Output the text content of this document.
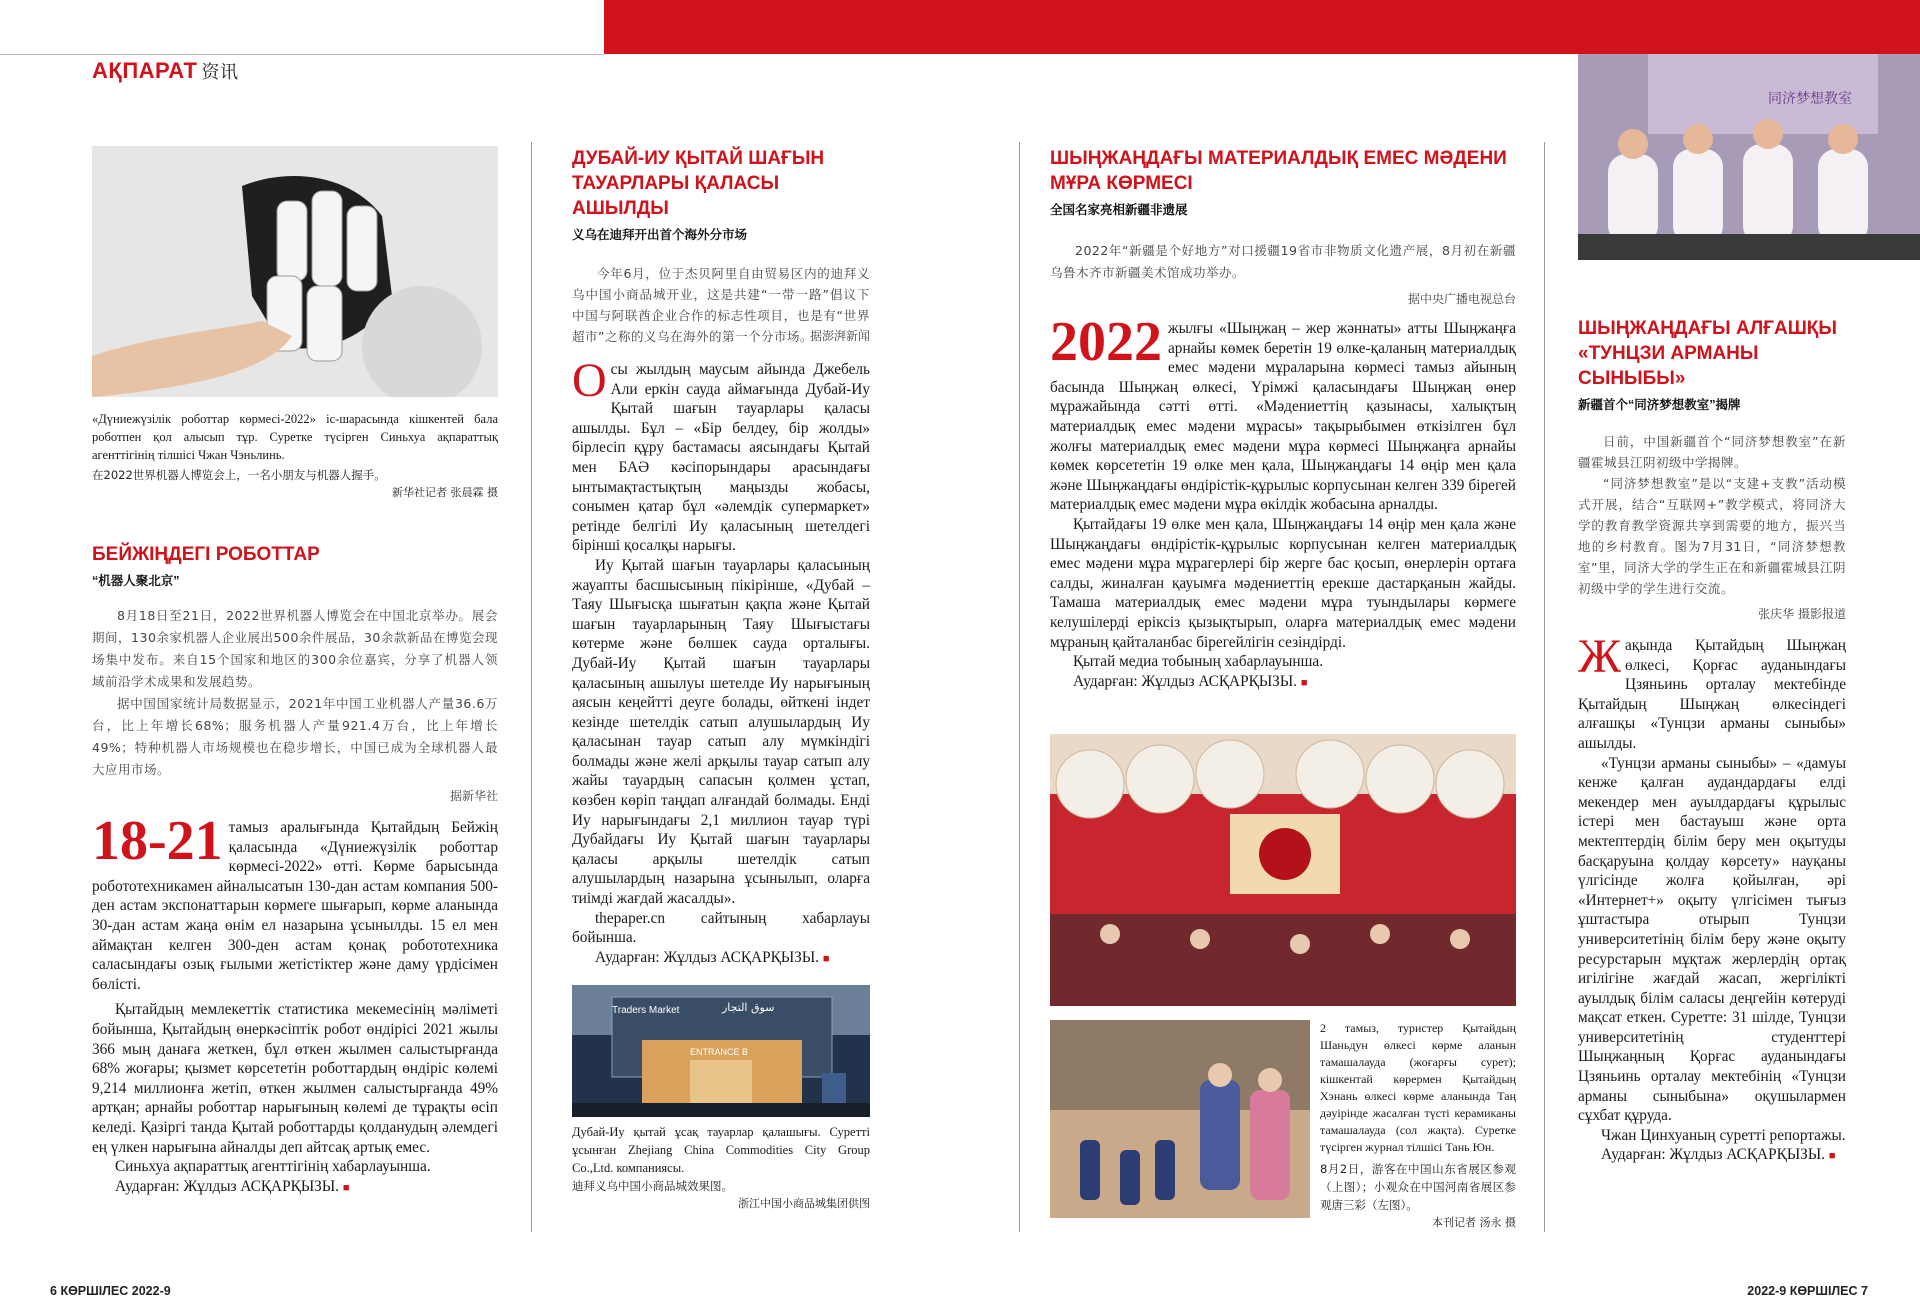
АҚПАРАТ 资讯
«Дүниежүзілік роботтар көрмесі-2022» іс-шарасында кішкентей бала роботпен қол алысып тұр. Суретке түсірген Синьхуа ақпараттық агенттігінің тілшісі Чжан Чэньлинь.
在2022世界机器人博览会上，一名小朋友与机器人握手。
新华社记者 张晨霖 摄
БЕЙЖІҢДЕГІ РОБОТТАР
“机器人聚北京”
8月18日至21日，2022世界机器人博览会在中国北京举办。展会期间，130余家机器人企业展出500余件展品，30余款新品在博览会现场集中发布。来自15个国家和地区的300余位嘉宾，分享了机器人领域前沿学术成果和发展趋势。
据中国国家统计局数据显示，2021年中国工业机器人产量36.6万台，比上年增长68%；服务机器人产量921.4万台，比上年增长49%；特种机器人市场规模也在稳步增长，中国已成为全球机器人最大应用市场。
据新华社
18-21 тамыз аралығында Қытайдың Бейжің қаласында «Дүниежүзілік роботтар көрмесі-2022» өтті. Көрме барысында робототехникамен айналысатын 130-дан астам компания 500-ден астам экспонаттарын көрмеге шығарып, көрме аланында 30-дан астам жаңа өнім ел назарына ұсынылды. 15 ел мен аймақтан келген 300-ден астам қонақ робототехника саласындағы озық ғылыми жетістіктер және даму үрдісімен бөлісті.
Қытайдың мемлекеттік статистика мекемесінің мәліметі бойынша, Қытайдың өнеркәсіптік робот өндірісі 2021 жылы 366 мың данаға жеткен, бұл өткен жылмен салыстырғанда 68% жоғары; қызмет көрсететін роботтардың өндіріс көлемі 9,214 миллионға жетіп, өткен жылмен салыстырғанда 49% артқан; арнайы роботтар нарығының көлемі де тұрақты өсіп келеді. Қазіргі танда Қытай роботтарды қолданудың әлемдегі ең үлкен нарығына айналды деп айтсақ артық емес.
Синьхуа ақпараттық агенттігінің хабарлауынша.
Аударған: Жұлдыз АСҚАРҚЫЗЫ. ■
ДУБАЙ-ИУ ҚЫТАЙ ШАҒЫН ТАУАРЛАРЫ ҚАЛАСЫ АШЫЛДЫ
义乌在迪拜开出首个海外分市场
今年6月，位于杰贝阿里自由贸易区内的迪拜义乌中国小商品城开业，这是共建“一带一路”倡议下中国与阿联酋企业合作的标志性项目，也是有“世界超市”之称的义乌在海外的第一个分市场。
据澎湃新闻
Осы жылдың маусым айында Джебель Али еркін сауда аймағында Дубай-Иу Қытай шағын тауарлары қаласы ашылды. Бұл – «Бір белдеу, бір жолды» бірлесіп құру бастамасы аясындағы Қытай мен БАӘ кәсіпорындары арасындағы ынтымақтастықтың маңызды жобасы, сонымен қатар бұл «әлемдік супермаркет» ретінде белгілі Иу қаласының шетелдегі бірінші қосалқы нарығы.
Иу Қытай шағын тауарлары қаласының жауапты басшысының пікірінше, «Дубай – Таяу Шығысқа шығатын қақпа және Қытай шағын тауарларының Таяу Шығыстағы көтерме және бөлшек сауда орталығы. Дубай-Иу Қытай шағын тауарлары қаласының ашылуы шетелде Иу нарығының аясын кеңейтті деуге болады, өйткені індет кезінде шетелдік сатып алушылардың Иу қаласынан тауар сатып алу мүмкіндігі болмады және желі арқылы тауар сатып алу жайы тауардың сапасын қолмен ұстап, көзбен көріп таңдап алғандай болмады. Енді Иу нарығындағы 2,1 миллион тауар түрі Дубайдағы Иу Қытай шағын тауарлары қаласы арқылы шетелдік сатып алушылардың назарына ұсынылып, оларға тиімді жағдай жасалды».
thepaper.cn сайтының хабарлауы бойынша.
Аударған: Жұлдыз АСҚАРҚЫЗЫ. ■
Traders Market	سوق التجار
ENTRANCE B
Дубай-Иу қытай ұсақ тауарлар қалашығы. Суретті ұсынған Zhejiang China Commodities City Group Co.,Ltd. компаниясы.
迪拜义乌中国小商品城效果图。
浙江中国小商品城集团供图
ШЫҢЖАҢДАҒЫ МАТЕРИАЛДЫҚ ЕМЕС МӘДЕНИ МҰРА КӨРМЕСІ
全国名家亮相新疆非遗展
2022年“新疆是个好地方”对口援疆19省市非物质文化遗产展，8月初在新疆乌鲁木齐市新疆美术馆成功举办。
据中央广播电视总台
2022 жылғы «Шыңжаң – жер жәннаты» атты Шыңжаңға арнайы көмек беретін 19 өлке-қаланың материалдық емес мәдени мұраларына көрмесі тамыз айының басында Шыңжаң өлкесі, Үрімжі қаласындағы Шыңжаң өнер мұражайында сәтті өтті. «Мәдениеттің қазынасы, халықтың материалдық емес мәдени мұрасы» тақырыбымен өткізілген бұл жолғы материалдық емес мәдени мұра көрмесі Шыңжаңға арнайы көмек көрсететін 19 өлке мен қала, Шыңжаңдағы 14 өңір мен қала және Шыңжаңдағы өндірістік-құрылыс корпусынан келген 339 бірегей материалдық емес мәдени мұра өкілдік жобасына арналды.
Қытайдағы 19 өлке мен қала, Шыңжаңдағы 14 өңір мен қала және Шыңжаңдағы өндірістік-құрылыс корпусынан келген материалдық емес мәдени мұра мұрагерлері бір жерге бас қосып, өнерлерін ортаға салды, жиналған қауымға мәдениеттің ерекше дастарқанын жайды. Тамаша материалдық емес мәдени мұра туындылары көрмеге келушілерді еріксіз қызықтырып, оларға материалдық емес мәдени мұраның қайталанбас бірегейлігін сезіндірді.
Қытай медиа тобының хабарлауынша.
Аударған: Жұлдыз АСҚАРҚЫЗЫ. ■
2 тамыз, туристер Қытайдың Шаньдун өлкесі көрме аланын тамашалауда (жоғарғы сурет); кішкентай көрермен Қытайдың Хэнань өлкесі көрме аланында Таң дәуірінде жасалған түсті керамиканы тамашалауда (сол жақта). Суретке түсірген журнал тілшісі Тань Юн.
8月2日，游客在中国山东省展区参观（上图）；小观众在中国河南省展区参观唐三彩（左图）。
本刊记者 汤永 摄
同济梦想教室
ШЫҢЖАҢДАҒЫ АЛҒАШҚЫ «ТУНЦЗИ АРМАНЫ СЫНЫБЫ»
新疆首个“同济梦想教室”揭牌
日前，中国新疆首个“同济梦想教室”在新疆霍城县江阴初级中学揭牌。
“同济梦想教室”是以“支建+支教”活动模式开展，结合“互联网+”教学模式，将同济大学的教育教学资源共享到需要的地方，振兴当地的乡村教育。图为7月31日，“同济梦想教室”里，同济大学的学生正在和新疆霍城县江阴初级中学的学生进行交流。
张庆华 摄影报道
Жақында Қытайдың Шыңжаң өлкесі, Қорғас ауданындағы Цзяньинь орталау мектебінде Қытайдың Шыңжаң өлкесіндегі алғашқы «Тунцзи арманы сыныбы» ашылды.
«Тунцзи арманы сыныбы» – «дамуы кенже қалған аудандардағы елді мекендер мен ауылдардағы құрылыс істері мен бастауыш және орта мектептердің білім беру мен оқытуды басқаруына қолдау көрсету» науқаны үлгісінде жолға қойылған, әрі «Интернет+» оқыту үлгісімен тығыз ұштастыра отырып Тунцзи университетінің білім беру және оқыту ресурстарын мұқтаж жерлердің ортақ игілігіне жағдай жасап, жергілікті ауылдық білім саласы деңгейін көтеруді мақсат еткен. Суретте: 31 шілде, Тунцзи университетінің студенттері Шыңжаңның Қорғас ауданындағы Цзяньинь орталау мектебінің «Тунцзи арманы сыныбына» оқушылармен сұхбат құруда.
Чжан Цинхуаның суретті репортажы.
Аударған: Жұлдыз АСҚАРҚЫЗЫ. ■
6 КӨРШІЛЕС 2022-9	2022-9 КӨРШІЛЕС 7
